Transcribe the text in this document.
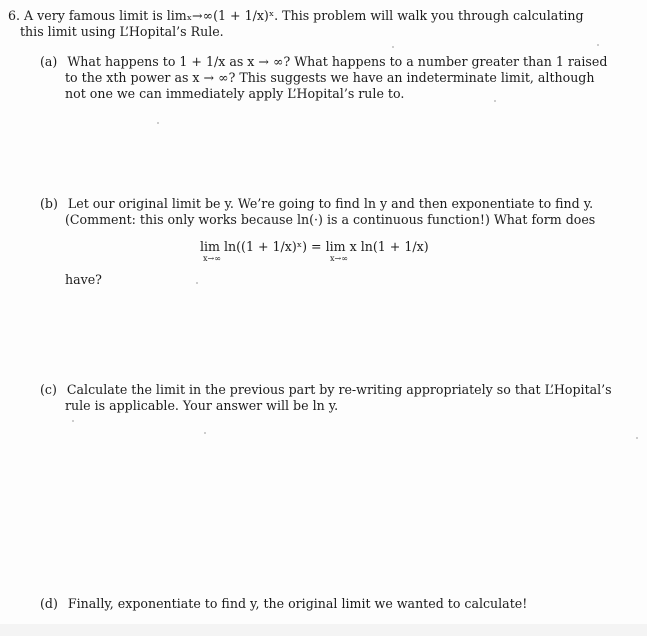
6. A very famous limit is limₓ→∞(1 + 1/x)ˣ. This problem will walk you through calculating
this limit using L’Hopital’s Rule.
(a) What happens to 1 + 1/x as x → ∞? What happens to a number greater than 1 raised
to the xth power as x → ∞? This suggests we have an indeterminate limit, although
not one we can immediately apply L’Hopital’s rule to.
(b) Let our original limit be y. We’re going to find ln y and then exponentiate to find y.
(Comment: this only works because ln(·) is a continuous function!) What form does
lim ln((1 + 1/x)ˣ) = lim x ln(1 + 1/x)
x→∞	x→∞
have?
(c) Calculate the limit in the previous part by re-writing appropriately so that L’Hopital’s
rule is applicable. Your answer will be ln y.
(d) Finally, exponentiate to find y, the original limit we wanted to calculate!
